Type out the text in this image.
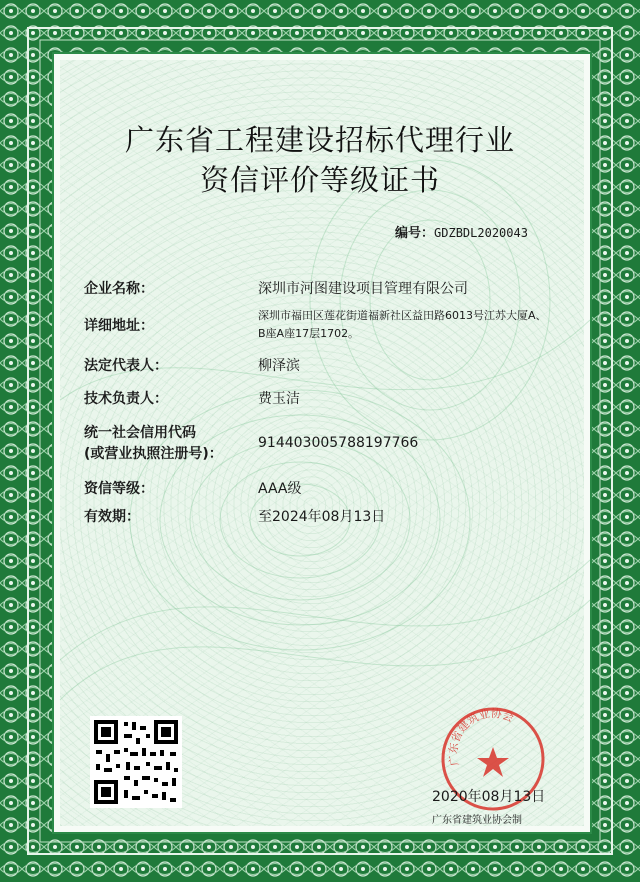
广东省工程建设招标代理行业
资信评价等级证书
编号：GDZBDL2020043
企业名称：	深圳市河图建设项目管理有限公司
详细地址：
深圳市福田区莲花街道福新社区益田路6013号江苏大厦A、B座A座17层1702。
法定代表人：	柳泽滨
技术负责人：	费玉洁
统一社会信用代码
(或营业执照注册号)：
914403005788197766
资信等级：	AAA级
有效期：	至2024年08月13日
广东省建筑业协会
2020年08月13日
广东省建筑业协会制
